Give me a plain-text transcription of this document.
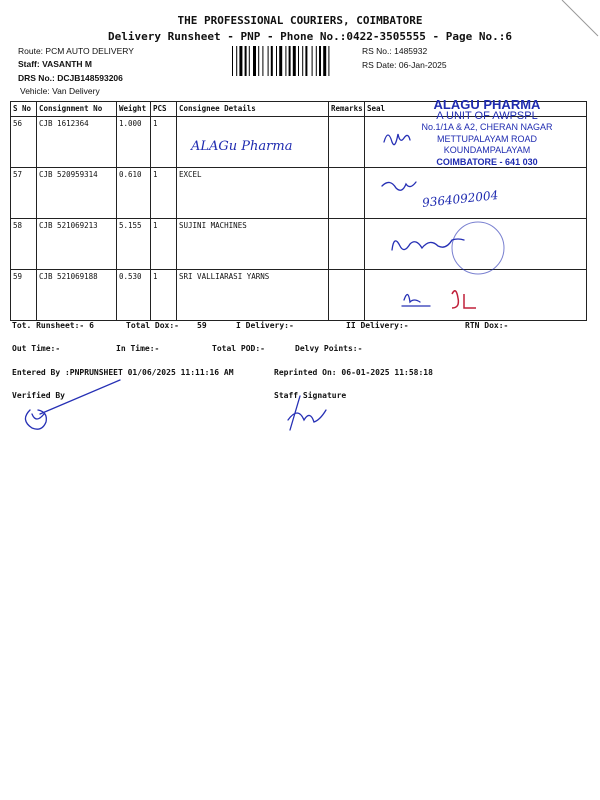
THE PROFESSIONAL COURIERS, COIMBATORE
Delivery Runsheet - PNP - Phone No.:0422-3505555 - Page No.:6
Route: PCM AUTO DELIVERY
Staff: VASANTH M
DRS No.: DCJB148593206
Vehicle: Van Delivery
RS No.: 1485932
RS Date: 06-Jan-2025
S No	Consignment No	Weight	PCS	Consignee Details	Remarks	Seal
56	CJB 1612364	1.000	1	ALAGu Pharma		

57	CJB 520959314	0.610	1	EXCEL		
58	CJB 521069213	5.155	1	SUJINI MACHINES		
59	CJB 521069188	0.530	1	SRI VALLIARASI YARNS		
ALAGU PHARMA
A UNIT OF AWPSPL
No.1/1A & A2, CHERAN NAGAR
METTUPALAYAM ROAD
KOUNDAMPALAYAM
COIMBATORE - 641 030
9364092004
Tot. Runsheet:- 6	Total Dox:- 59	I Delivery:-	II Delivery:-	RTN Dox:-
Out Time:-	In Time:-	Total POD:-	Delvy Points:-
Entered By :PNPRUNSHEET 01/06/2025 11:11:16 AM	Reprinted On: 06-01-2025 11:58:18
Verified By	Staff Signature
